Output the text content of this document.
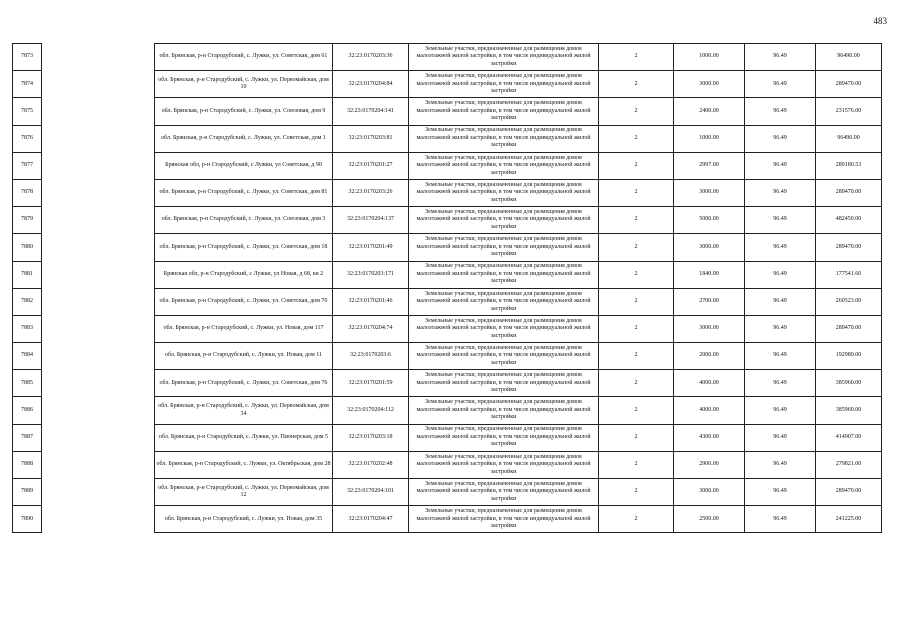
483
7873		обл. Брянская, р-н Стародубский, с. Лужки, ул. Советская, дом 61	32:23:0170203:36	Земельные участки, предназначенные для размещения домов малоэтажной жилой застройки, в том числе индивидуальной жилой застройки	2	1000.00	96.49	96490.00
7874		обл. Брянская, р-н Стародубский, с. Лужки, ул. Первомайская, дом 10	32:23:0170204:84	Земельные участки, предназначенные для размещения домов малоэтажной жилой застройки, в том числе индивидуальной жилой застройки	2	3000.00	96.49	289470.00
7875		обл. Брянская, р-н Стародубский, с. Лужки, ул. Союзовая, дом 9	32:23:0170204:141	Земельные участки, предназначенные для размещения домов малоэтажной жилой застройки, в том числе индивидуальной жилой застройки	2	2400.00	96.49	231576.00
7876		обл. Брянская, р-н Стародубский, с. Лужки, ул. Советская, дом 1	32:23:0170203:81	Земельные участки, предназначенные для размещения домов малоэтажной жилой застройки, в том числе индивидуальной жилой застройки	2	1000.00	96.49	96490.00
7877		Брянская обл, р-н Стародубский, с Лужки, ул Советская, д 90	32:23:0170201:27	Земельные участки, предназначенные для размещения домов малоэтажной жилой застройки, в том числе индивидуальной жилой застройки	2	2997.00	96.49	289180.53
7878		обл. Брянская, р-н Стародубский, с. Лужки, ул. Советская, дом 81	32:23:0170203:26	Земельные участки, предназначенные для размещения домов малоэтажной жилой застройки, в том числе индивидуальной жилой застройки	2	3000.00	96.49	289470.00
7879		обл. Брянская, р-н Стародубский, с. Лужки, ул. Союзовая, дом 3	32:23:0170204:137	Земельные участки, предназначенные для размещения домов малоэтажной жилой застройки, в том числе индивидуальной жилой застройки	2	5000.00	96.49	482450.00
7880		обл. Брянская, р-н Стародубский, с. Лужки, ул. Советская, дом 18	32:23:0170201:49	Земельные участки, предназначенные для размещения домов малоэтажной жилой застройки, в том числе индивидуальной жилой застройки	2	3000.00	96.49	289470.00
7881		Брянская обл, р-н Стародубский, с Лужки, ул Новая, д 68, кв 2	32:23:0170203:171	Земельные участки, предназначенные для размещения домов малоэтажной жилой застройки, в том числе индивидуальной жилой застройки	2	1840.00	96.49	177541.60
7882		обл. Брянская, р-н Стародубский, с. Лужки, ул. Советская, дом 70	32:23:0170201:46	Земельные участки, предназначенные для размещения домов малоэтажной жилой застройки, в том числе индивидуальной жилой застройки	2	2700.00	96.49	260523.00
7883		обл. Брянская, р-н Стародубский, с. Лужки, ул. Новая, дом 117	32:23:0170204:74	Земельные участки, предназначенные для размещения домов малоэтажной жилой застройки, в том числе индивидуальной жилой застройки	2	3000.00	96.49	289470.00
7884		обл. Брянская, р-н Стародубский, с. Лужки, ул. Новая, дом 11	32:23:0170203:6	Земельные участки, предназначенные для размещения домов малоэтажной жилой застройки, в том числе индивидуальной жилой застройки	2	2000.00	96.49	192980.00
7885		обл. Брянская, р-н Стародубский, с. Лужки, ул. Советская, дом 76	32:23:0170201:59	Земельные участки, предназначенные для размещения домов малоэтажной жилой застройки, в том числе индивидуальной жилой застройки	2	4000.00	96.49	385960.00
7886		обл. Брянская, р-н Стародубский, с. Лужки, ул. Первомайская, дом 34	32:23:0170204:112	Земельные участки, предназначенные для размещения домов малоэтажной жилой застройки, в том числе индивидуальной жилой застройки	2	4000.00	96.49	385960.00
7887		обл. Брянская, р-н Стародубский, с. Лужки, ул. Пионерская, дом 5	32:23:0170203:18	Земельные участки, предназначенные для размещения домов малоэтажной жилой застройки, в том числе индивидуальной жилой застройки	2	4300.00	96.49	414907.00
7888		обл. Брянская, р-н Стародубский, с. Лужки, ул. Октябрьская, дом 28	32:23:0170202:48	Земельные участки, предназначенные для размещения домов малоэтажной жилой застройки, в том числе индивидуальной жилой застройки	2	2900.00	96.49	279821.00
7889		обл. Брянская, р-н Стародубский, с. Лужки, ул. Первомайская, дом 12	32:23:0170204:101	Земельные участки, предназначенные для размещения домов малоэтажной жилой застройки, в том числе индивидуальной жилой застройки	2	3000.00	96.49	289470.00
7890		обл. Брянская, р-н Стародубский, с. Лужки, ул. Новая, дом 35	32:23:0170204:47	Земельные участки, предназначенные для размещения домов малоэтажной жилой застройки, в том числе индивидуальной жилой застройки	2	2500.00	96.49	241225.00
